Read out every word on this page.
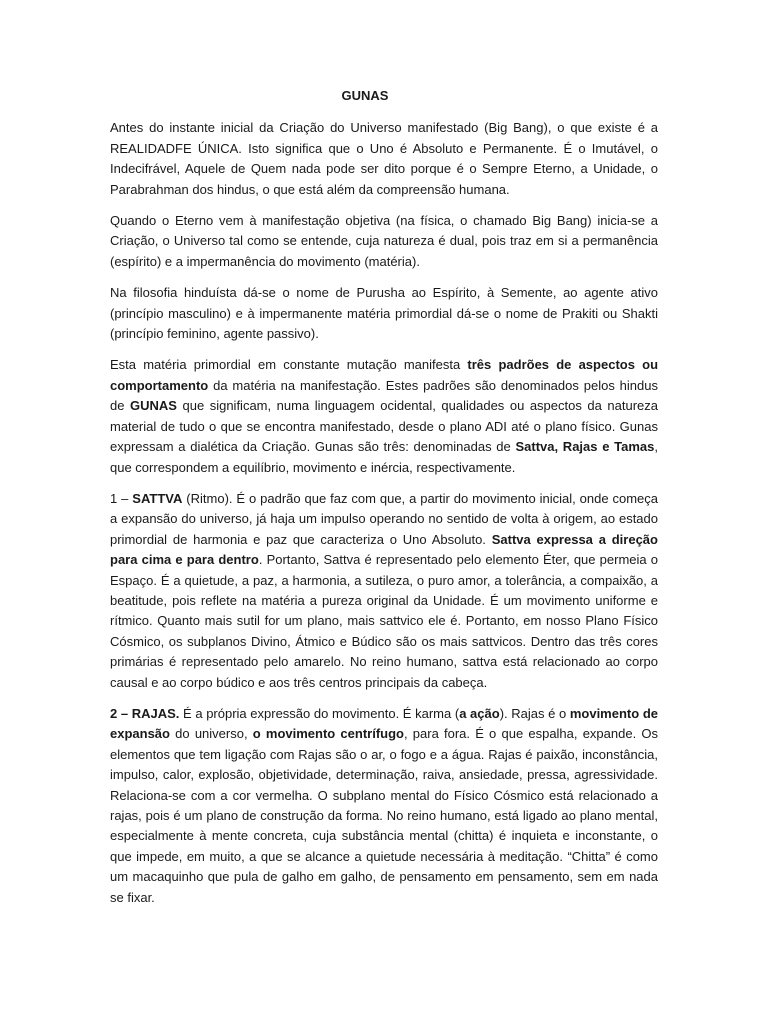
GUNAS

Antes do instante inicial da Criação do Universo manifestado (Big Bang), o que existe é a REALIDADFE ÚNICA. Isto significa que o Uno é Absoluto e Permanente. É o Imutável, o Indecifrável, Aquele de Quem nada pode ser dito porque é o Sempre Eterno, a Unidade, o Parabrahman dos hindus, o que está além da compreensão humana.

Quando o Eterno vem à manifestação objetiva (na física, o chamado Big Bang) inicia-se a Criação, o Universo tal como se entende, cuja natureza é dual, pois traz em si a permanência (espírito) e a impermanência do movimento (matéria).

Na filosofia hinduísta dá-se o nome de Purusha ao Espírito, à Semente, ao agente ativo (princípio masculino) e à impermanente matéria primordial dá-se o nome de Prakiti ou Shakti (princípio feminino, agente passivo).

Esta matéria primordial em constante mutação manifesta três padrões de aspectos ou comportamento da matéria na manifestação. Estes padrões são denominados pelos hindus de GUNAS que significam, numa linguagem ocidental, qualidades ou aspectos da natureza material de tudo o que se encontra manifestado, desde o plano ADI até o plano físico. Gunas expressam a dialética da Criação. Gunas são três: denominadas de Sattva, Rajas e Tamas, que correspondem a equilíbrio, movimento e inércia, respectivamente.

1 – SATTVA (Ritmo). É o padrão que faz com que, a partir do movimento inicial, onde começa a expansão do universo, já haja um impulso operando no sentido de volta à origem, ao estado primordial de harmonia e paz que caracteriza o Uno Absoluto. Sattva expressa a direção para cima e para dentro. Portanto, Sattva é representado pelo elemento Éter, que permeia o Espaço. É a quietude, a paz, a harmonia, a sutileza, o puro amor, a tolerância, a compaixão, a beatitude, pois reflete na matéria a pureza original da Unidade. É um movimento uniforme e rítmico. Quanto mais sutil for um plano, mais sattvico ele é. Portanto, em nosso Plano Físico Cósmico, os subplanos Divino, Átmico e Búdico são os mais sattvicos. Dentro das três cores primárias é representado pelo amarelo. No reino humano, sattva está relacionado ao corpo causal e ao corpo búdico e aos três centros principais da cabeça.

2 – RAJAS. É a própria expressão do movimento. É karma (a ação). Rajas é o movimento de expansão do universo, o movimento centrífugo, para fora. É o que espalha, expande. Os elementos que tem ligação com Rajas são o ar, o fogo e a água. Rajas é paixão, inconstância, impulso, calor, explosão, objetividade, determinação, raiva, ansiedade, pressa, agressividade. Relaciona-se com a cor vermelha. O subplano mental do Físico Cósmico está relacionado a rajas, pois é um plano de construção da forma. No reino humano, está ligado ao plano mental, especialmente à mente concreta, cuja substância mental (chitta) é inquieta e inconstante, o que impede, em muito, a que se alcance a quietude necessária à meditação. “Chitta” é como um macaquinho que pula de galho em galho, de pensamento em pensamento, sem em nada se fixar.
